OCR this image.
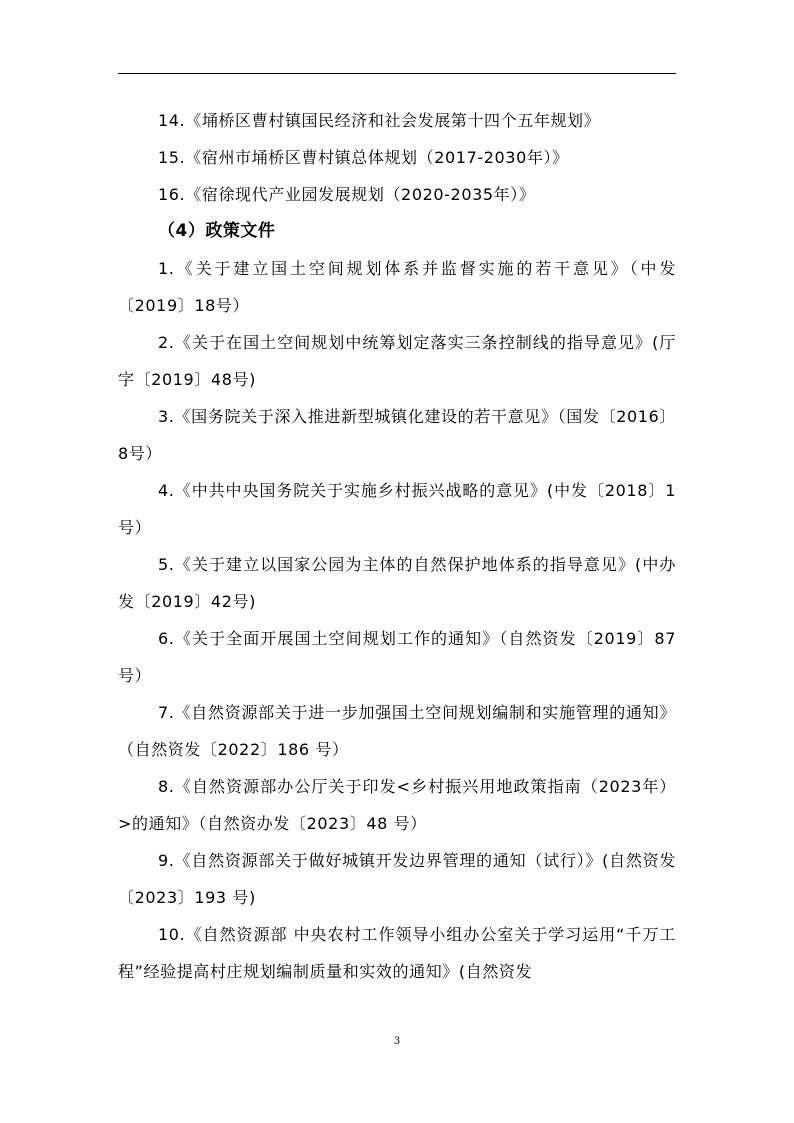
14.《埇桥区曹村镇国民经济和社会发展第十四个五年规划》

15.《宿州市埇桥区曹村镇总体规划（2017-2030年）》

16.《宿徐现代产业园发展规划（2020-2035年）》

（4）政策文件

1.《关于建立国土空间规划体系并监督实施的若干意见》（中发〔2019〕18号）

2.《关于在国土空间规划中统筹划定落实三条控制线的指导意见》(厅字〔2019〕48号)

3.《国务院关于深入推进新型城镇化建设的若干意见》（国发〔2016〕8号）

4.《中共中央国务院关于实施乡村振兴战略的意见》(中发〔2018〕1号）

5.《关于建立以国家公园为主体的自然保护地体系的指导意见》(中办发〔2019〕42号)

6.《关于全面开展国土空间规划工作的通知》（自然资发〔2019〕87号）

7.《自然资源部关于进一步加强国土空间规划编制和实施管理的通知》（自然资发〔2022〕186 号）

8.《自然资源部办公厅关于印发<乡村振兴用地政策指南（2023年）>的通知》（自然资办发〔2023〕48 号）

9.《自然资源部关于做好城镇开发边界管理的通知（试行）》(自然资发〔2023〕193 号)

10.《自然资源部 中央农村工作领导小组办公室关于学习运用“千万工程”经验提高村庄规划编制质量和实效的通知》(自然资发

3
